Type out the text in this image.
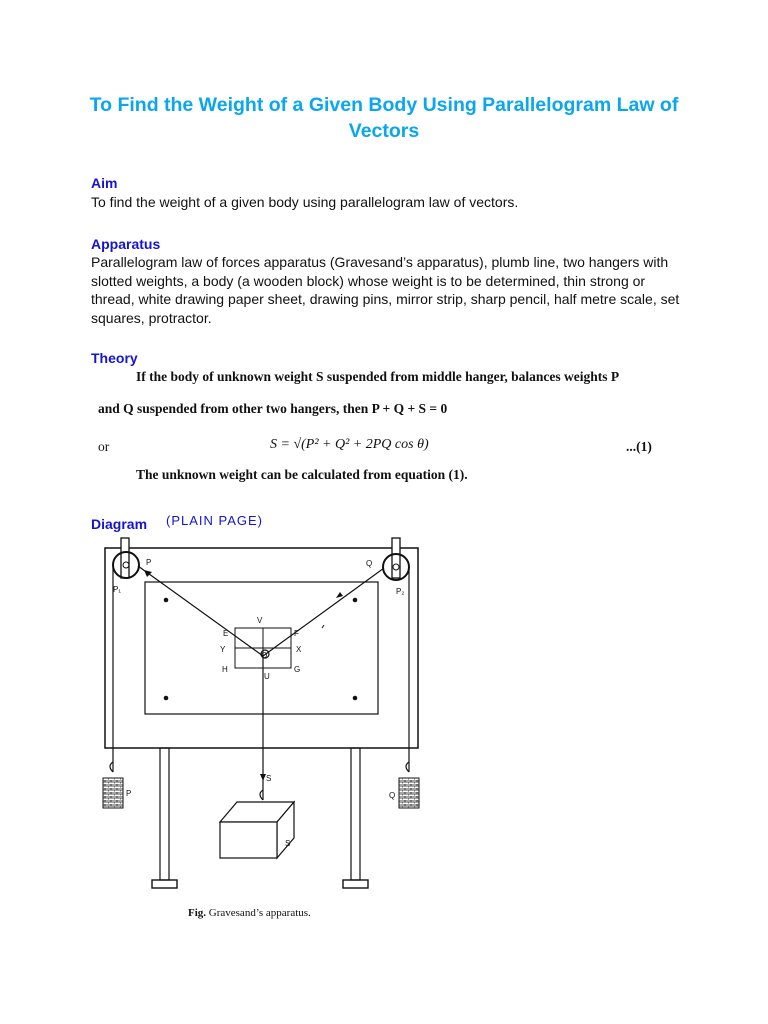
To Find the Weight of a Given Body Using Parallelogram Law of Vectors
Aim

To find the weight of a given body using parallelogram law of vectors.

Apparatus

Parallelogram law of forces apparatus (Gravesand’s apparatus), plumb line, two hangers with slotted weights, a body (a wooden block) whose weight is to be determined, thin strong or thread, white drawing paper sheet, drawing pins, mirror strip, sharp pencil, half metre scale, set squares, protractor.

Theory
If the body of unknown weight S suspended from middle hanger, balances weights P
and Q suspended from other two hangers, then P + Q + S = 0
or	S = √(P² + Q² + 2PQ cos θ)	...(1)
The unknown weight can be calculated from equation (1).
Diagram (PLAIN PAGE)
P	Q
P₁	P₂
V
E	F
Y	X
O
H
U
G
S
S
P	Q
Fig. Gravesand’s apparatus.
